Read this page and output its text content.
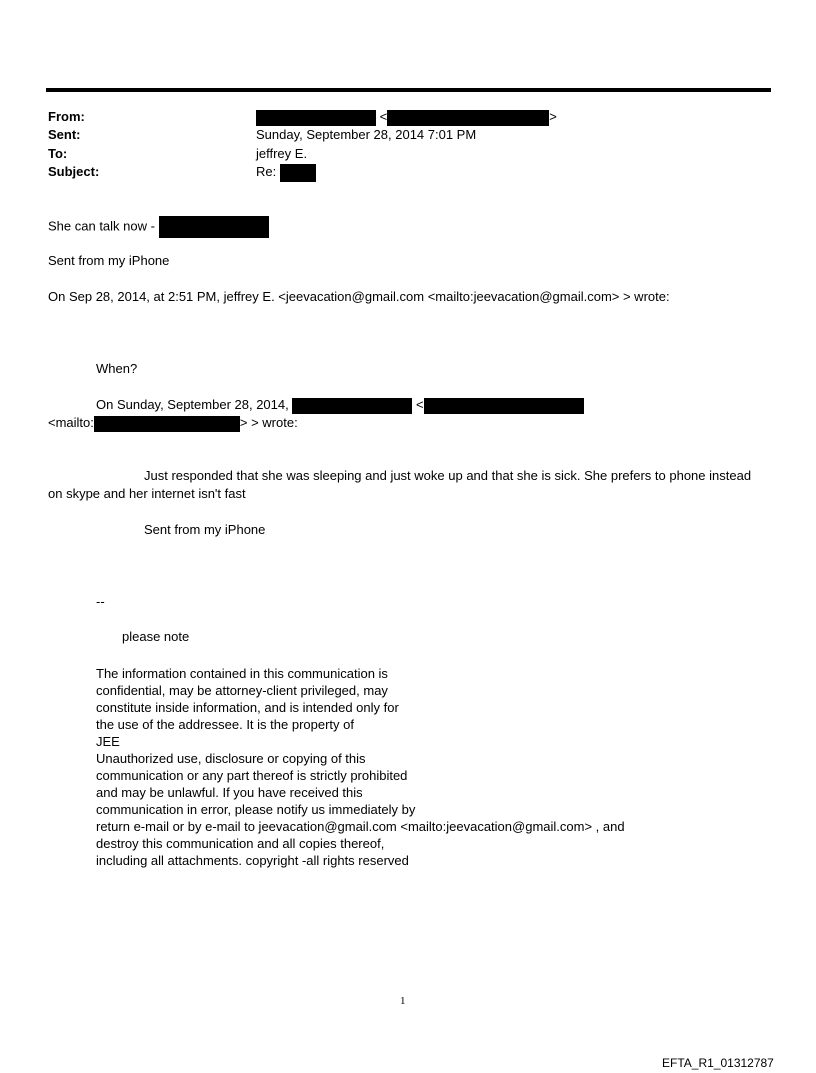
From:	<	>
Sent:	Sunday, September 28, 2014 7:01 PM
To:	jeffrey E.
Subject:	Re:
She can talk now -
Sent from my iPhone
On Sep 28, 2014, at 2:51 PM, jeffrey E. <jeevacation@gmail.com <mailto:jeevacation@gmail.com> > wrote:
When?
On Sunday, September 28, 2014,	<
<mailto:	> > wrote:
Just responded that she was sleeping and just woke up and that she is sick. She prefers to phone instead
on skype and her internet isn't fast
Sent from my iPhone
--
please note
The information contained in this communication is
confidential, may be attorney-client privileged, may
constitute inside information, and is intended only for
the use of the addressee. It is the property of
JEE
Unauthorized use, disclosure or copying of this
communication or any part thereof is strictly prohibited
and may be unlawful. If you have received this
communication in error, please notify us immediately by
return e-mail or by e-mail to jeevacation@gmail.com <mailto:jeevacation@gmail.com> , and
destroy this communication and all copies thereof,
including all attachments. copyright -all rights reserved
1
EFTA_R1_01312787
